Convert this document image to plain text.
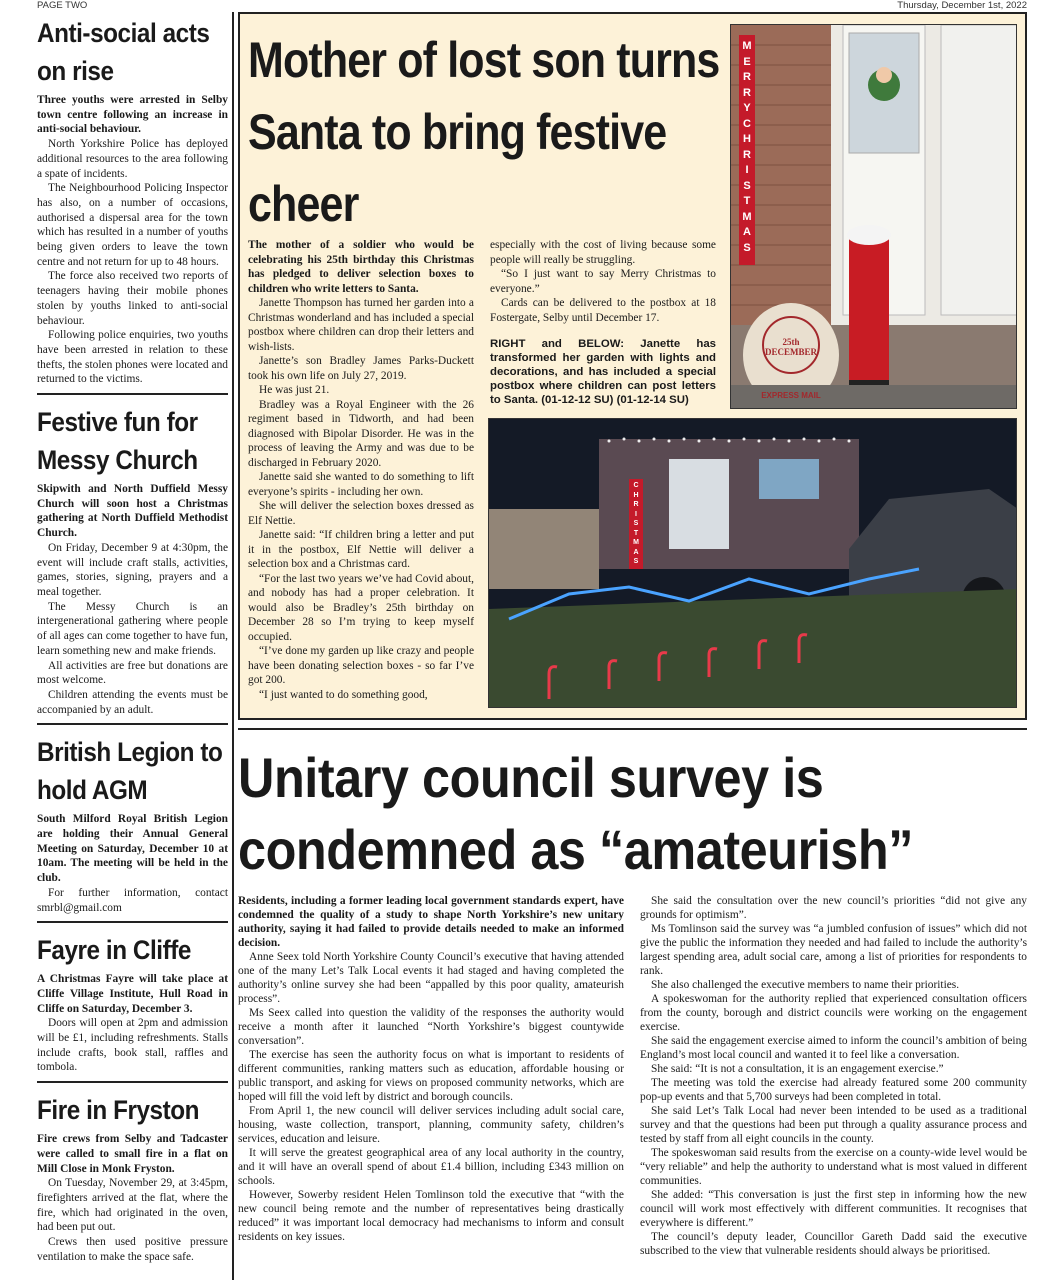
PAGE TWO	Thursday, December 1st, 2022
Anti-social acts on rise

Three youths were arrested in Selby town centre following an increase in anti-social behaviour.

North Yorkshire Police has deployed additional resources to the area following a spate of incidents.

The Neighbourhood Policing Inspector has also, on a number of occasions, authorised a dispersal area for the town which has resulted in a number of youths being given orders to leave the town centre and not return for up to 48 hours.

The force also received two reports of teenagers having their mobile phones stolen by youths linked to anti-social behaviour.

Following police enquiries, two youths have been arrested in relation to these thefts, the stolen phones were located and returned to the victims.

Festive fun for Messy Church

Skipwith and North Duffield Messy Church will soon host a Christmas gathering at North Duffield Methodist Church.

On Friday, December 9 at 4:30pm, the event will include craft stalls, activities, games, stories, signing, prayers and a meal together.

The Messy Church is an intergenerational gathering where people of all ages can come together to have fun, learn something new and make friends.

All activities are free but donations are most welcome.

Children attending the events must be accompanied by an adult.

British Legion to hold AGM

South Milford Royal British Legion are holding their Annual General Meeting on Saturday, December 10 at 10am. The meeting will be held in the club.

For further information, contact smrbl@gmail.com

Fayre in Cliffe

A Christmas Fayre will take place at Cliffe Village Institute, Hull Road in Cliffe on Saturday, December 3.

Doors will open at 2pm and admission will be £1, including refreshments. Stalls include crafts, book stall, raffles and tombola.

Fire in Fryston

Fire crews from Selby and Tadcaster were called to small fire in a flat on Mill Close in Monk Fryston.

On Tuesday, November 29, at 3:45pm, firefighters arrived at the flat, where the fire, which had originated in the oven, had been put out.

Crews then used positive pressure ventilation to make the space safe.

Mother of lost son turns Santa to bring festive cheer

The mother of a soldier who would be celebrating his 25th birthday this Christmas has pledged to deliver selection boxes to children who write letters to Santa.

Janette Thompson has turned her garden into a Christmas wonderland and has included a special postbox where children can drop their letters and wish-lists.

Janette’s son Bradley James Parks-Duckett took his own life on July 27, 2019.

He was just 21.

Bradley was a Royal Engineer with the 26 regiment based in Tidworth, and had been diagnosed with Bipolar Disorder. He was in the process of leaving the Army and was due to be discharged in February 2020.

Janette said she wanted to do something to lift everyone’s spirits - including her own.

She will deliver the selection boxes dressed as Elf Nettie.

Janette said: “If children bring a letter and put it in the postbox, Elf Nettie will deliver a selection box and a Christmas card.

“For the last two years we’ve had Covid about, and nobody has had a proper celebration. It would also be Bradley’s 25th birthday on December 28 so I’m trying to keep myself occupied.

“I’ve done my garden up like crazy and people have been donating selection boxes - so far I’ve got 200.

“I just wanted to do something good,

especially with the cost of living because some people will really be struggling.

“So I just want to say Merry Christmas to everyone.”

Cards can be delivered to the postbox at 18 Fostergate, Selby until December 17.

RIGHT and BELOW: Janette has transformed her garden with lights and decorations, and has included a special postbox where children can post letters to Santa. (01-12-12 SU) (01-12-14 SU)

M
E
R
R
Y
C
H
R
I
S
T
M
A
S
25th DECEMBER
EXPRESS MAIL
C
H
R
I
S
T
M
A
S
Unitary council survey is condemned as “amateurish”

Residents, including a former leading local government standards expert, have condemned the quality of a study to shape North Yorkshire’s new unitary authority, saying it had failed to provide details needed to make an informed decision.

Anne Seex told North Yorkshire County Council’s executive that having attended one of the many Let’s Talk Local events it had staged and having completed the authority’s online survey she had been “appalled by this poor quality, amateurish process”.

Ms Seex called into question the validity of the responses the authority would receive a month after it launched “North Yorkshire’s biggest countywide conversation”.

The exercise has seen the authority focus on what is important to residents of different communities, ranking matters such as education, affordable housing or public transport, and asking for views on proposed community networks, which are hoped will fill the void left by district and borough councils.

From April 1, the new council will deliver services including adult social care, housing, waste collection, transport, planning, community safety, children’s services, education and leisure.

It will serve the greatest geographical area of any local authority in the country, and it will have an overall spend of about £1.4 billion, including £343 million on schools.

However, Sowerby resident Helen Tomlinson told the executive that “with the new council being remote and the number of representatives being drastically reduced” it was important local democracy had mechanisms to inform and consult residents on key issues.

She said the consultation over the new council’s priorities “did not give any grounds for optimism”.

Ms Tomlinson said the survey was “a jumbled confusion of issues” which did not give the public the information they needed and had failed to include the authority’s largest spending area, adult social care, among a list of priorities for respondents to rank.

She also challenged the executive members to name their priorities.

A spokeswoman for the authority replied that experienced consultation officers from the county, borough and district councils were working on the engagement exercise.

She said the engagement exercise aimed to inform the council’s ambition of being England’s most local council and wanted it to feel like a conversation.

She said: “It is not a consultation, it is an engagement exercise.”

The meeting was told the exercise had already featured some 200 community pop-up events and that 5,700 surveys had been completed in total.

She said Let’s Talk Local had never been intended to be used as a traditional survey and that the questions had been put through a quality assurance process and tested by staff from all eight councils in the county.

The spokeswoman said results from the exercise on a county-wide level would be “very reliable” and help the authority to understand what is most valued in different communities.

She added: “This conversation is just the first step in informing how the new council will work most effectively with different communities. It recognises that everywhere is different.”

The council’s deputy leader, Councillor Gareth Dadd said the executive subscribed to the view that vulnerable residents should always be prioritised.
